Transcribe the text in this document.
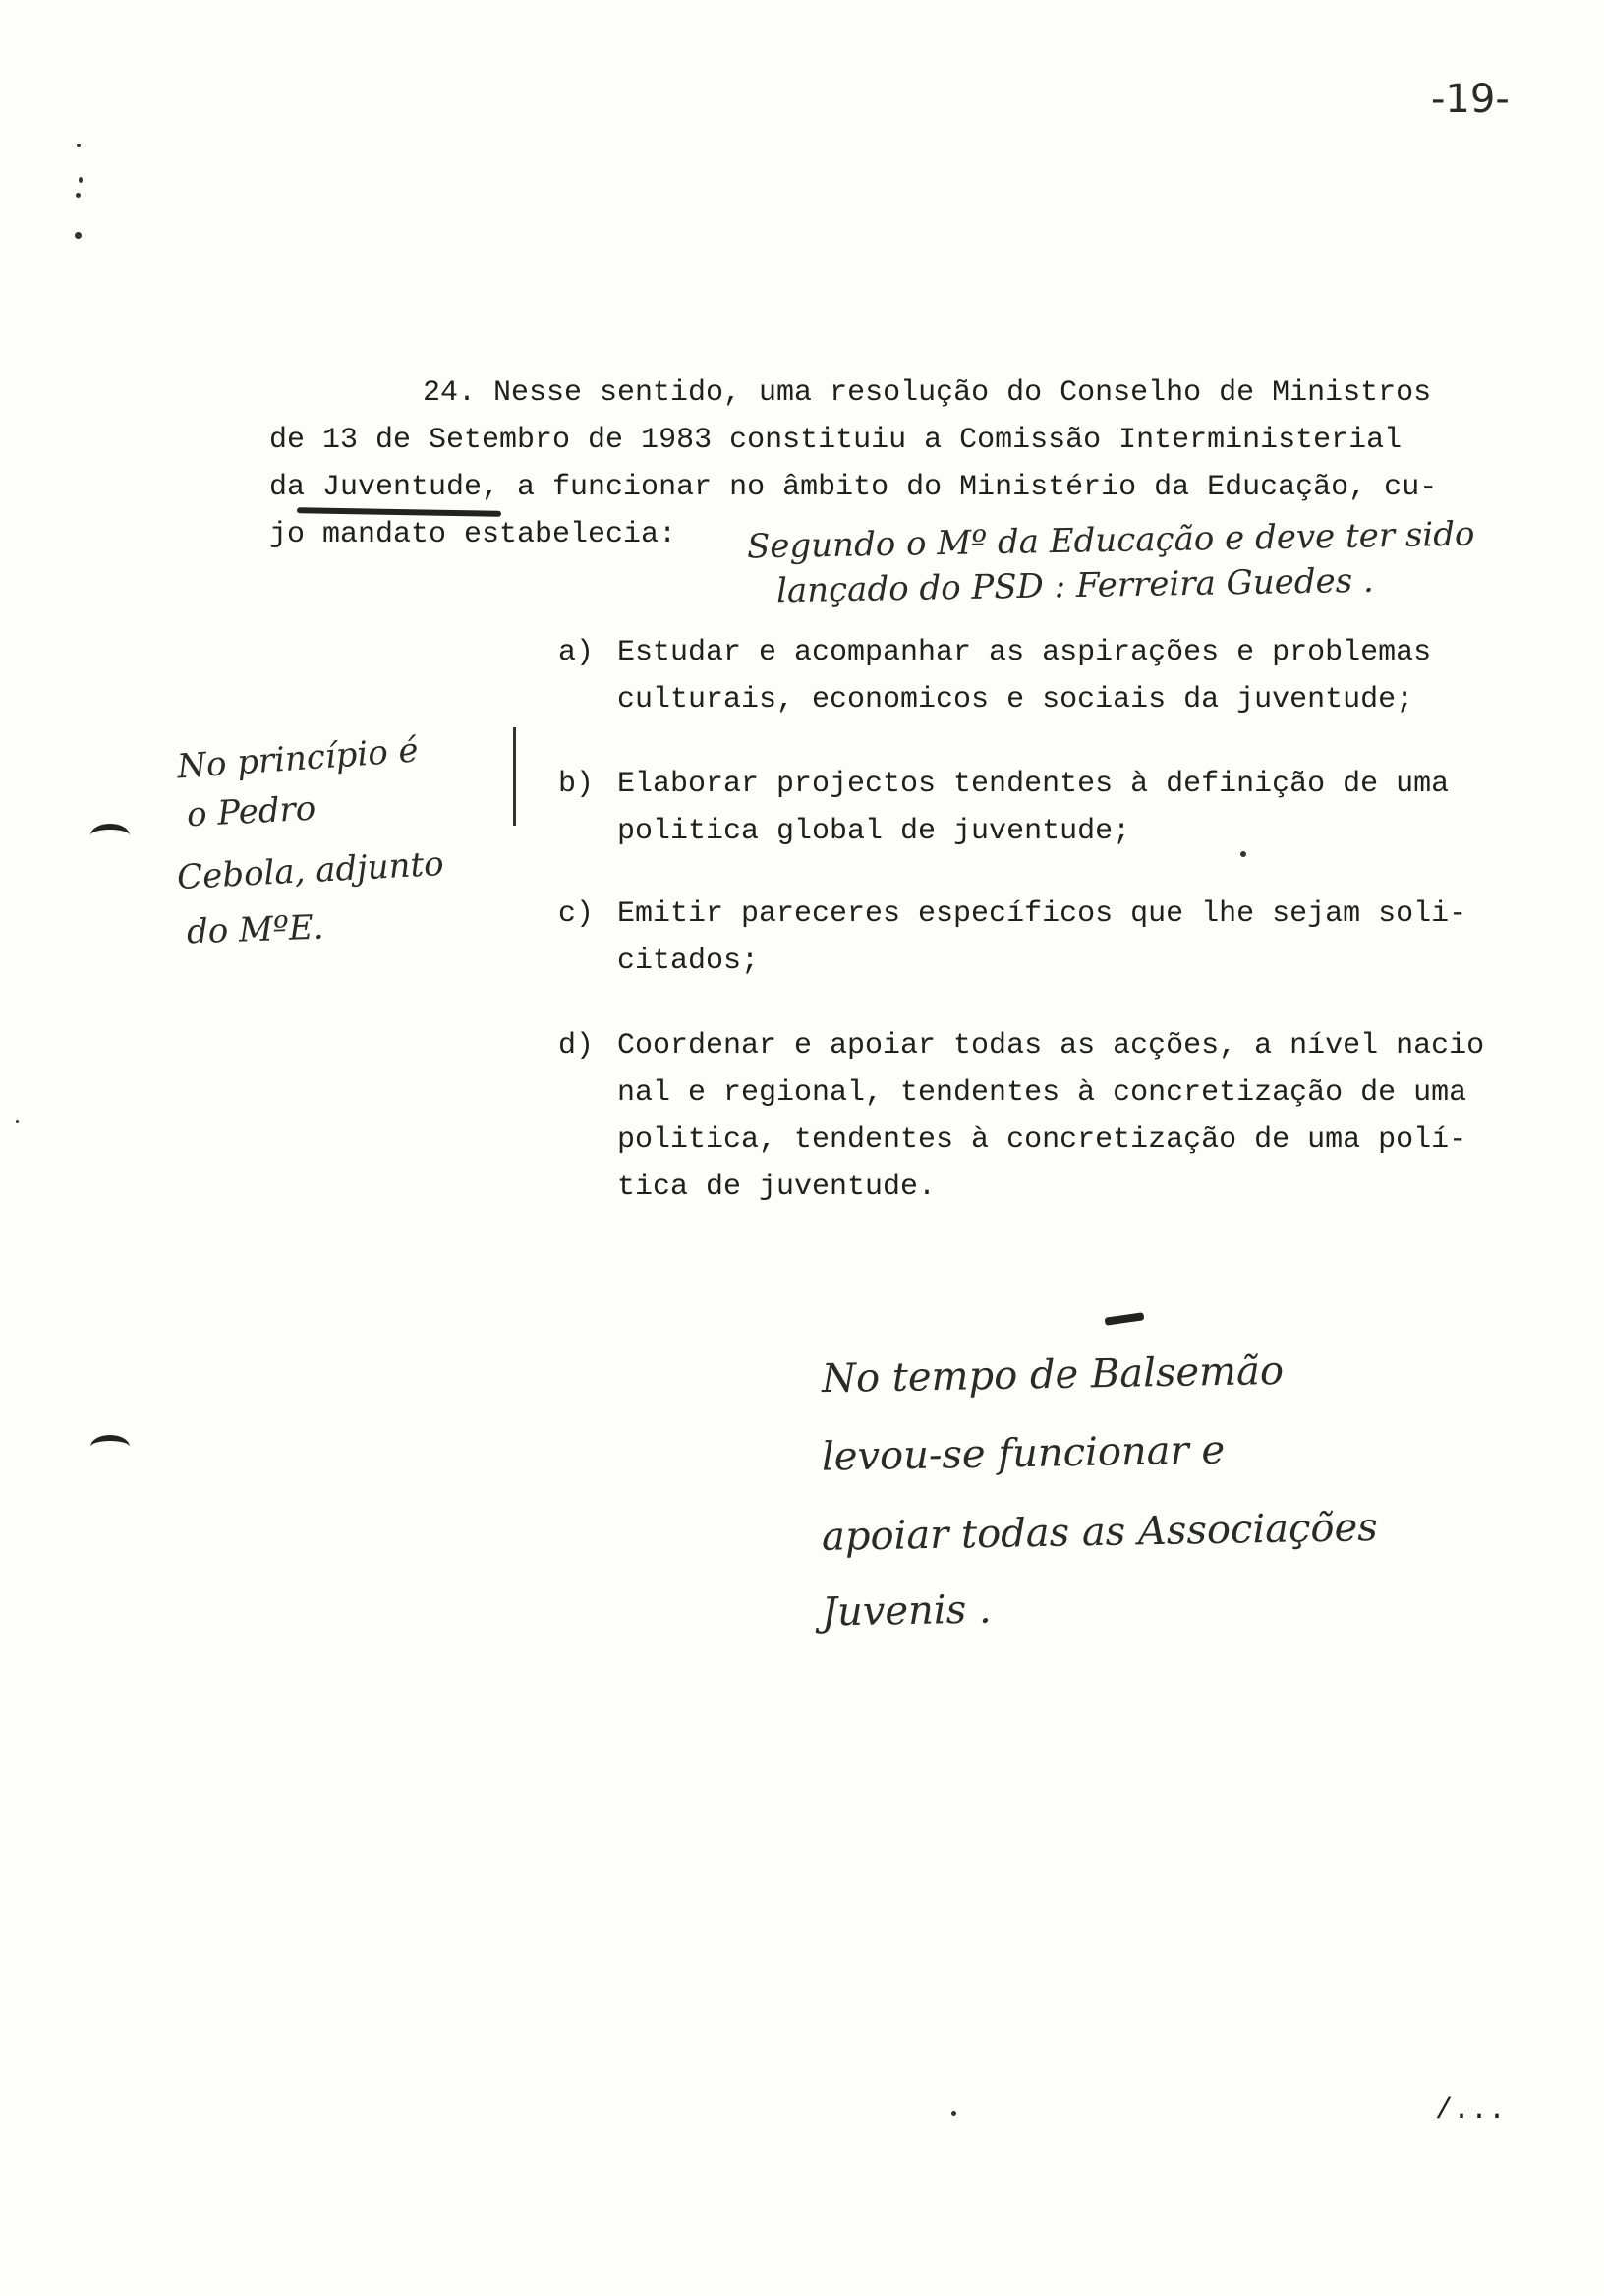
-19-
24. Nesse sentido, uma resolução do Conselho de Ministros
de 13 de Setembro de 1983 constituiu a Comissão Interministerial
da Juventude, a funcionar no âmbito do Ministério da Educação, cu-
jo mandato estabelecia: Segundo o Mº da Educação e deve ter sido
lançado do PSD : Ferreira Guedes .
a) Estudar e acompanhar as aspirações e problemas
culturais, economicos e sociais da juventude;
b) Elaborar projectos tendentes à definição de uma
politica global de juventude;
c) Emitir pareceres específicos que lhe sejam soli-
citados;
d) Coordenar e apoiar todas as acções, a nível nacio
nal e regional, tendentes à concretização de uma
politica, tendentes à concretização de uma polí-
tica de juventude.
No princípio é
o Pedro
Cebola, adjunto
do MºE.
No tempo de Balsemão
levou-se funcionar e
apoiar todas as Associações
Juvenis .
/...
